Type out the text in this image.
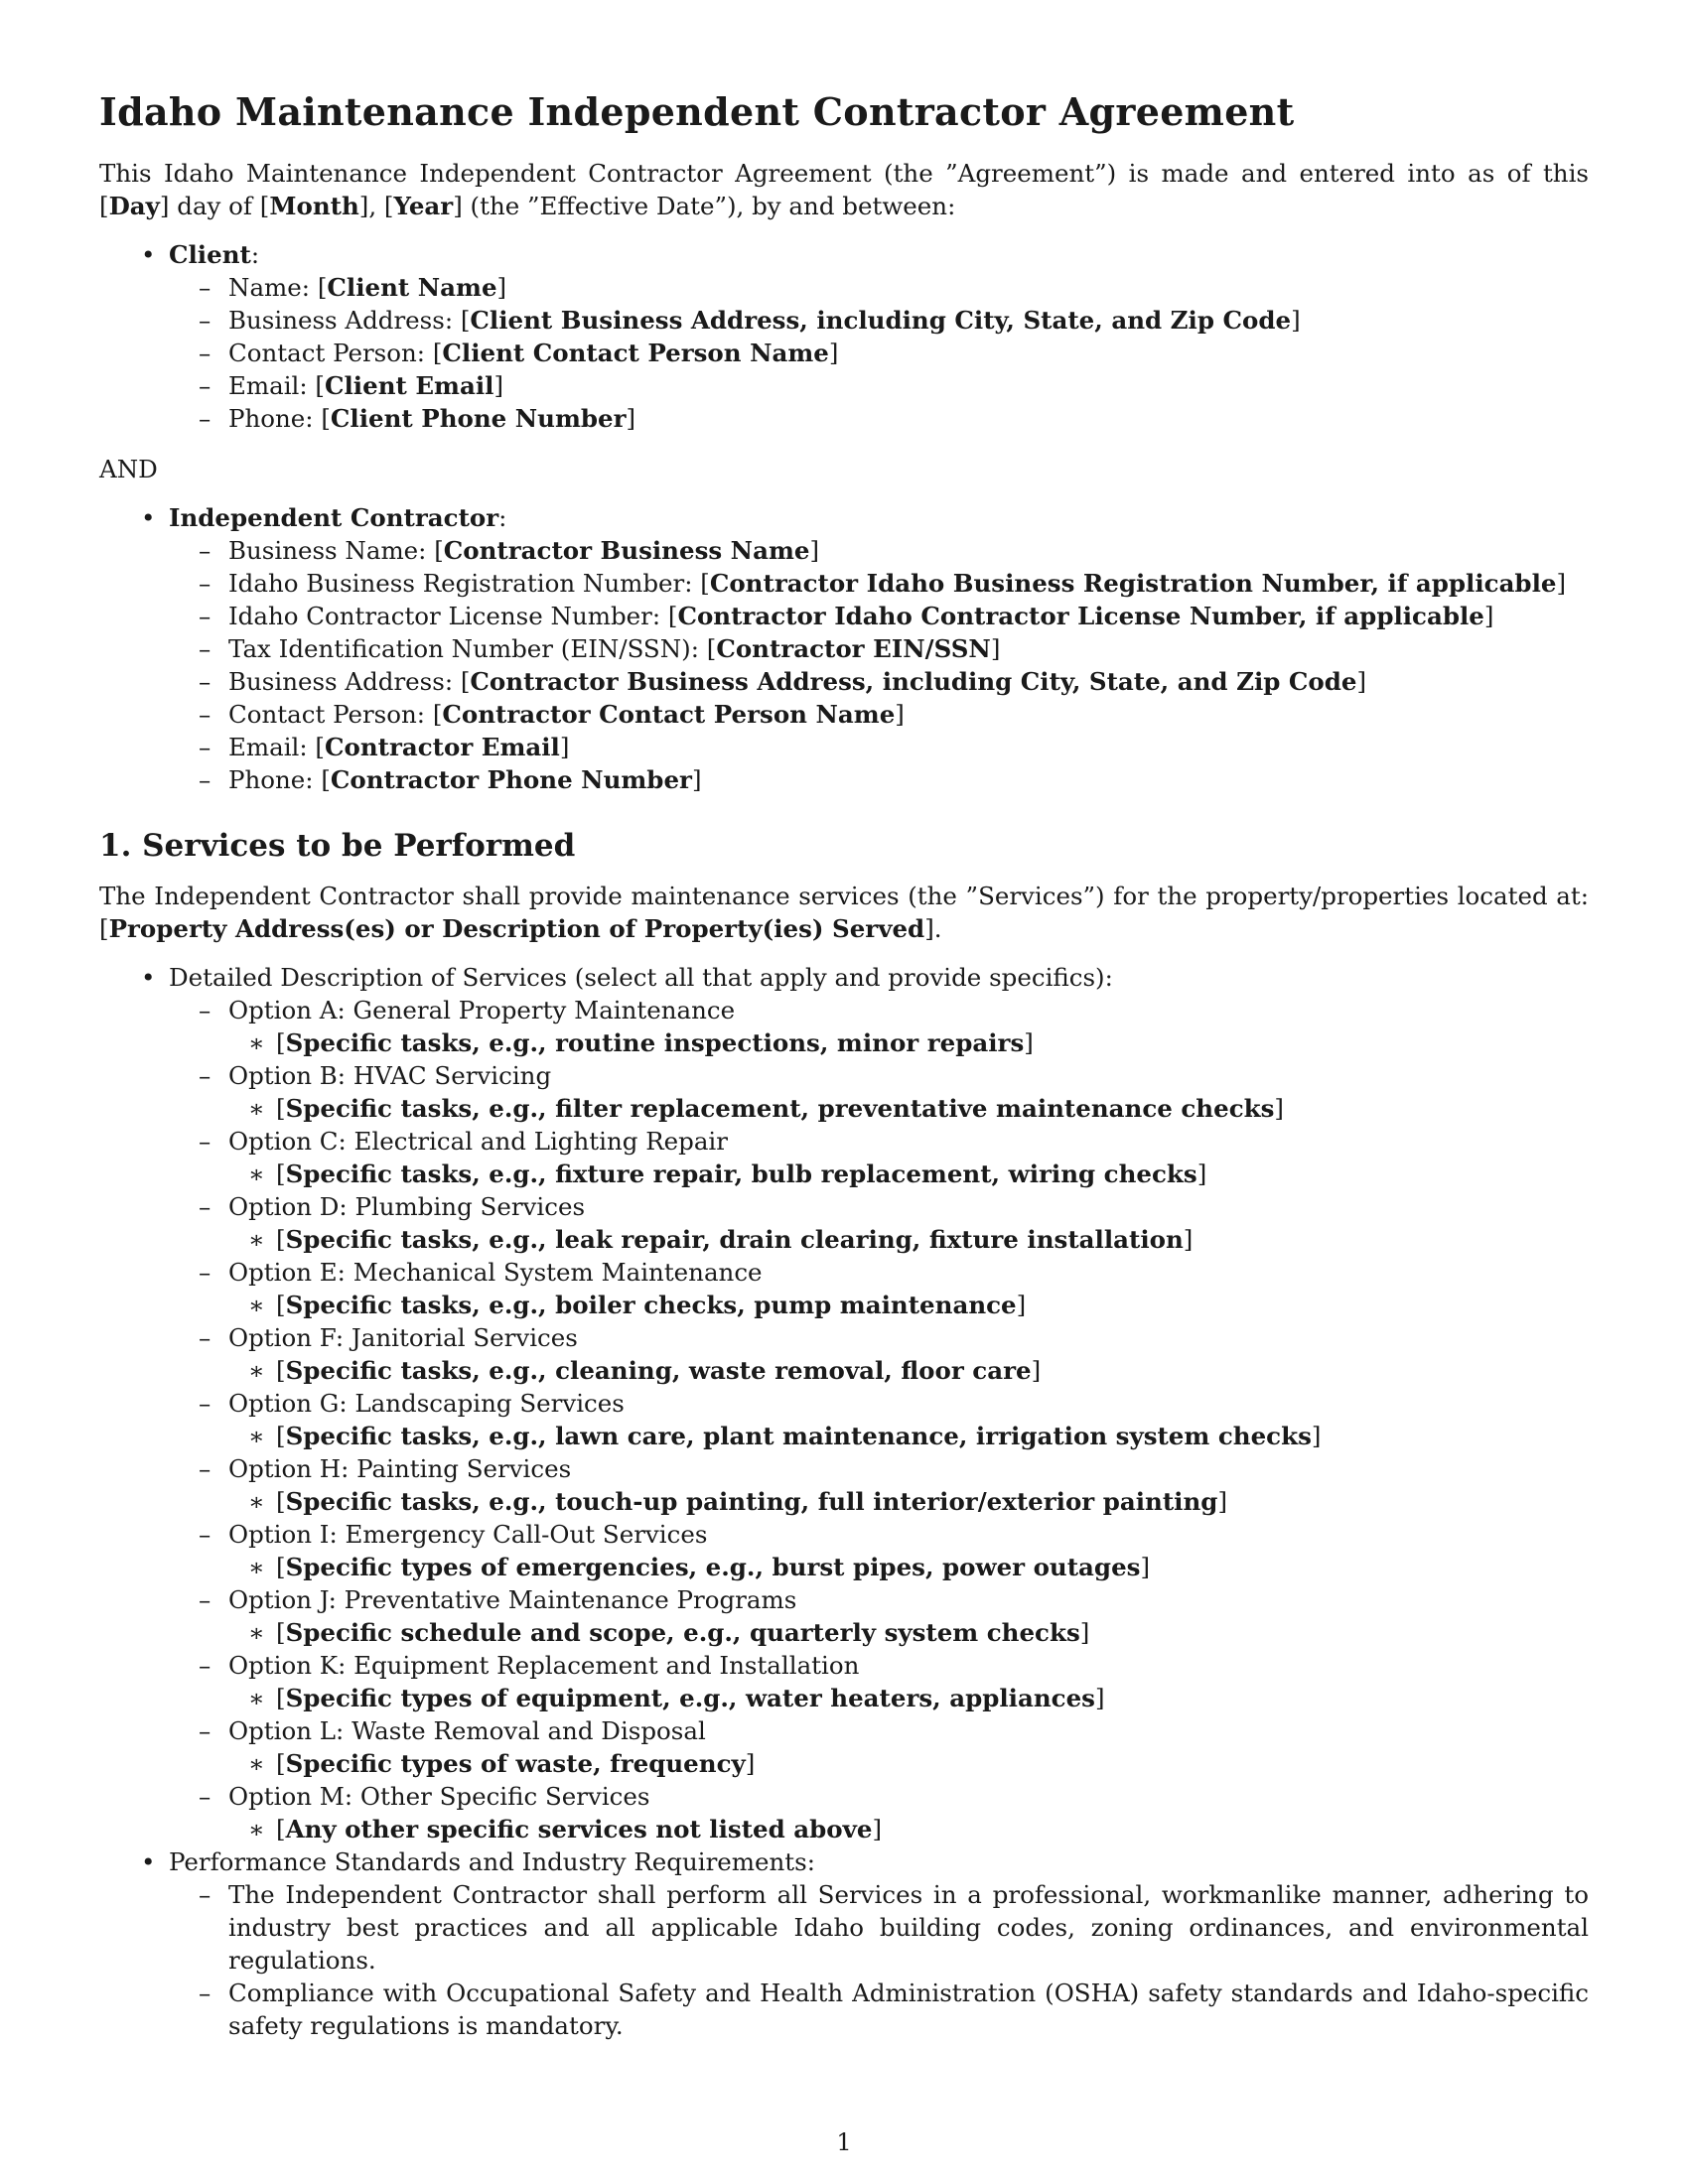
Idaho Maintenance Independent Contractor Agreement

This Idaho Maintenance Independent Contractor Agreement (the ”Agreement”) is made and entered into as of this [Day] day of [Month], [Year] (the ”Effective Date”), by and between:

• Client:
– Name: [Client Name]
– Business Address: [Client Business Address, including City, State, and Zip Code]
– Contact Person: [Client Contact Person Name]
– Email: [Client Email]
– Phone: [Client Phone Number]

AND

• Independent Contractor:
– Business Name: [Contractor Business Name]
– Idaho Business Registration Number: [Contractor Idaho Business Registration Number, if applicable]
– Idaho Contractor License Number: [Contractor Idaho Contractor License Number, if applicable]
– Tax Identification Number (EIN/SSN): [Contractor EIN/SSN]
– Business Address: [Contractor Business Address, including City, State, and Zip Code]
– Contact Person: [Contractor Contact Person Name]
– Email: [Contractor Email]
– Phone: [Contractor Phone Number]
1. Services to be Performed

The Independent Contractor shall provide maintenance services (the ”Services”) for the property/properties located at: [Property Address(es) or Description of Property(ies) Served].

• Detailed Description of Services (select all that apply and provide specifics):
– Option A: General Property Maintenance
∗ [Specific tasks, e.g., routine inspections, minor repairs]
– Option B: HVAC Servicing
∗ [Specific tasks, e.g., filter replacement, preventative maintenance checks]
– Option C: Electrical and Lighting Repair
∗ [Specific tasks, e.g., fixture repair, bulb replacement, wiring checks]
– Option D: Plumbing Services
∗ [Specific tasks, e.g., leak repair, drain clearing, fixture installation]
– Option E: Mechanical System Maintenance
∗ [Specific tasks, e.g., boiler checks, pump maintenance]
– Option F: Janitorial Services
∗ [Specific tasks, e.g., cleaning, waste removal, floor care]
– Option G: Landscaping Services
∗ [Specific tasks, e.g., lawn care, plant maintenance, irrigation system checks]
– Option H: Painting Services
∗ [Specific tasks, e.g., touch-up painting, full interior/exterior painting]
– Option I: Emergency Call-Out Services
∗ [Specific types of emergencies, e.g., burst pipes, power outages]
– Option J: Preventative Maintenance Programs
∗ [Specific schedule and scope, e.g., quarterly system checks]
– Option K: Equipment Replacement and Installation
∗ [Specific types of equipment, e.g., water heaters, appliances]
– Option L: Waste Removal and Disposal
∗ [Specific types of waste, frequency]
– Option M: Other Specific Services
∗ [Any other specific services not listed above]
• Performance Standards and Industry Requirements:
– The Independent Contractor shall perform all Services in a professional, workmanlike manner, adhering to industry best practices and all applicable Idaho building codes, zoning ordinances, and environmental regulations.
– Compliance with Occupational Safety and Health Administration (OSHA) safety standards and Idaho-specific safety regulations is mandatory.
1
